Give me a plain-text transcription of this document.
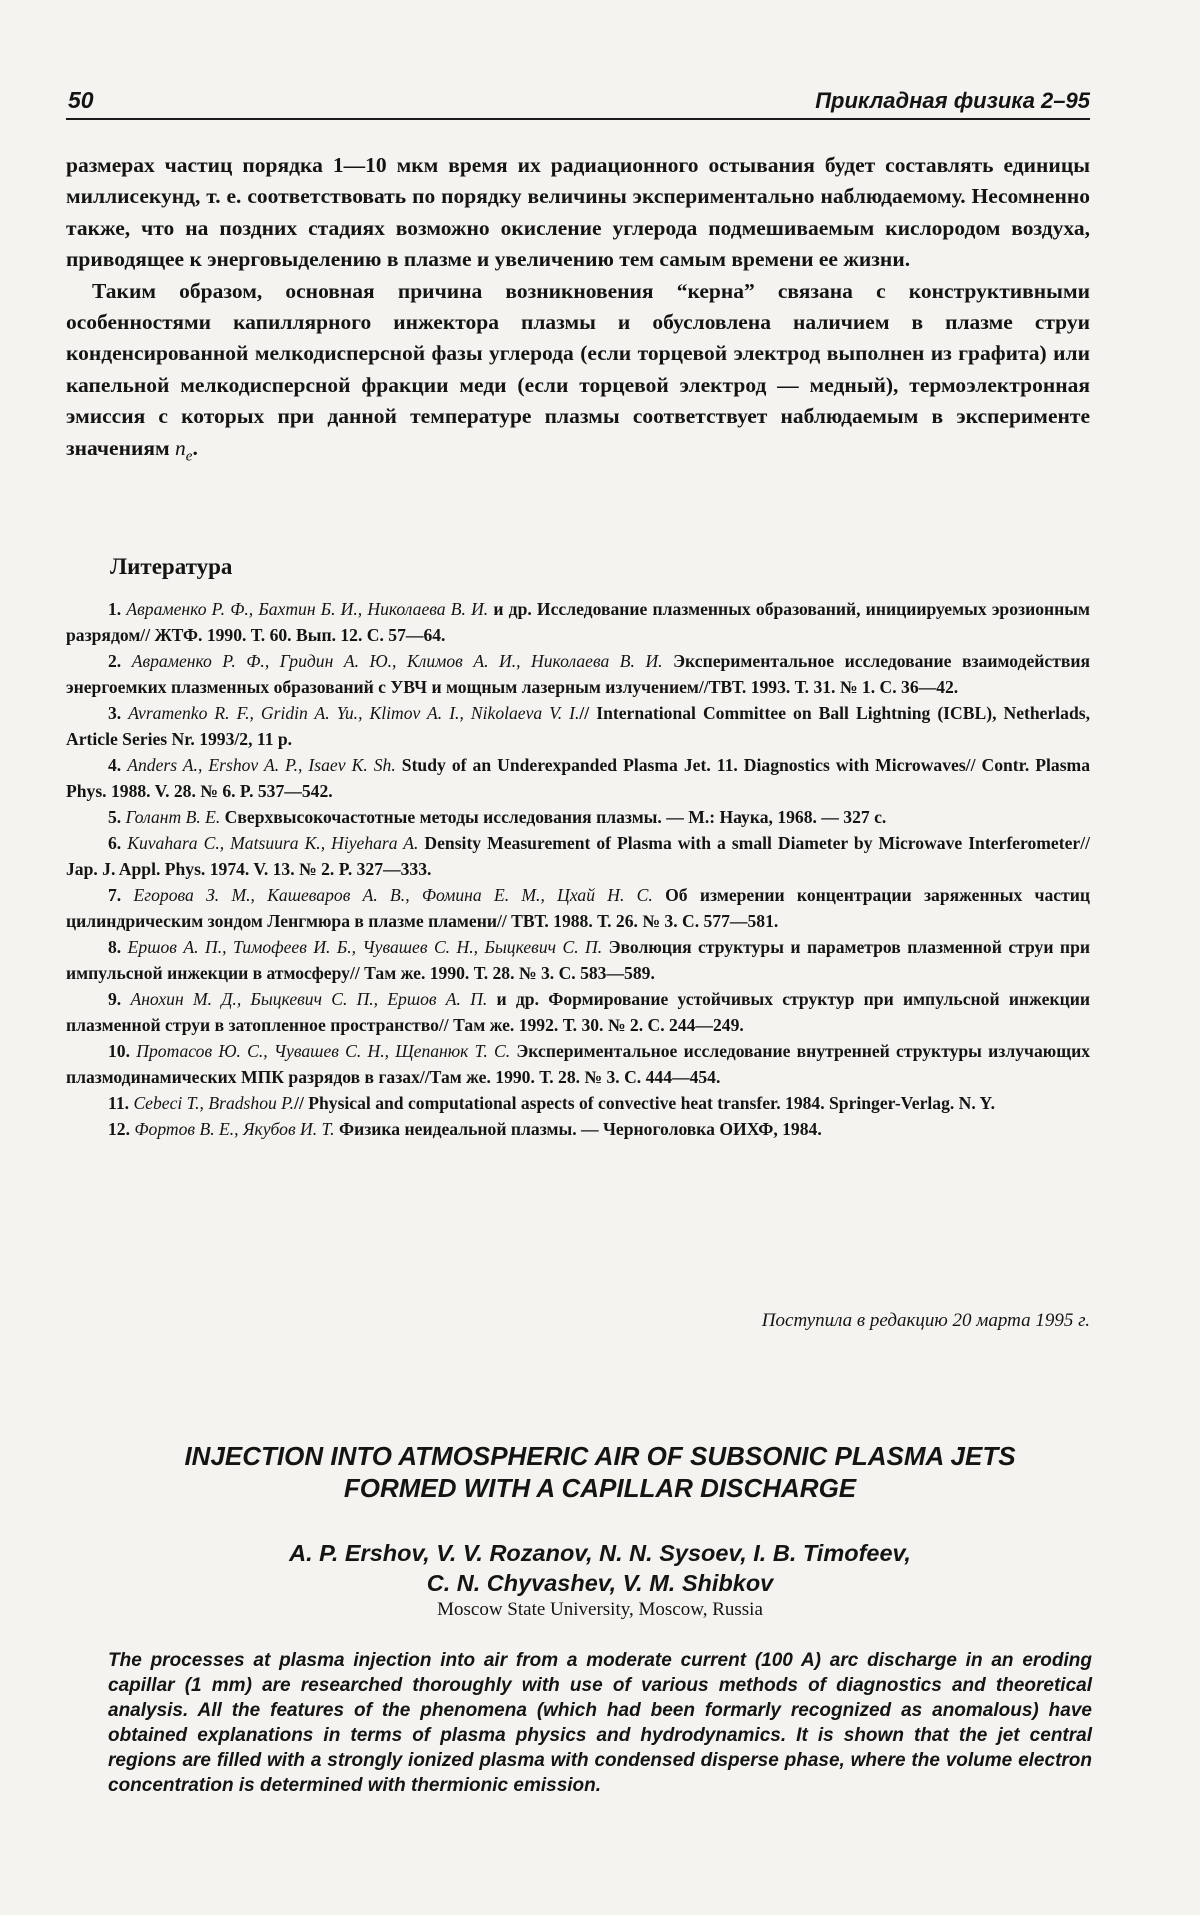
50	Прикладная физика 2–95

размерах частиц порядка 1—10 мкм время их радиационного остывания будет составлять единицы миллисекунд, т. е. соответствовать по порядку величины экспериментально наблюдаемому. Несомненно также, что на поздних стадиях возможно окисление углерода подмешиваемым кислородом воздуха, приводящее к энерговыделению в плазме и увеличению тем самым времени ее жизни.

Таким образом, основная причина возникновения “керна” связана с конструктивными особенностями капиллярного инжектора плазмы и обусловлена наличием в плазме струи конденсированной мелкодисперсной фазы углерода (если торцевой электрод выполнен из графита) или капельной мелкодисперсной фракции меди (если торцевой электрод — медный), термоэлектронная эмиссия с которых при данной температуре плазмы соответствует наблюдаемым в эксперименте значениям $n_e$.

Литература

1. Авраменко Р. Ф., Бахтин Б. И., Николаева В. И. и др. Исследование плазменных образований, инициируемых эрозионным разрядом// ЖТФ. 1990. Т. 60. Вып. 12. С. 57—64.

2. Авраменко Р. Ф., Гридин А. Ю., Климов А. И., Николаева В. И. Экспериментальное исследование взаимодействия энергоемких плазменных образований с УВЧ и мощным лазерным излучением//ТВТ. 1993. Т. 31. № 1. С. 36—42.

3. Avramenko R. F., Gridin A. Yu., Klimov A. I., Nikolaeva V. I.// International Committee on Ball Lightning (ICBL), Netherlads, Article Series Nr. 1993/2, 11 p.

4. Anders A., Ershov A. P., Isaev K. Sh. Study of an Underexpanded Plasma Jet. 11. Diagnostics with Microwaves// Contr. Plasma Phys. 1988. V. 28. № 6. P. 537—542.

5. Голант В. Е. Сверхвысокочастотные методы исследования плазмы. — М.: Наука, 1968. — 327 с.

6. Kuvahara C., Matsuura K., Hiyehara A. Density Measurement of Plasma with a small Diameter by Microwave Interferometer// Jap. J. Appl. Phys. 1974. V. 13. № 2. P. 327—333.

7. Егорова З. М., Кашеваров А. В., Фомина Е. М., Цхай Н. С. Об измерении концентрации заряженных частиц цилиндрическим зондом Ленгмюра в плазме пламени// ТВТ. 1988. Т. 26. № 3. С. 577—581.

8. Ершов А. П., Тимофеев И. Б., Чувашев С. Н., Быцкевич С. П. Эволюция структуры и параметров плазменной струи при импульсной инжекции в атмосферу// Там же. 1990. Т. 28. № 3. С. 583—589.

9. Анохин М. Д., Быцкевич С. П., Ершов А. П. и др. Формирование устойчивых структур при импульсной инжекции плазменной струи в затопленное пространство// Там же. 1992. Т. 30. № 2. С. 244—249.

10. Протасов Ю. С., Чувашев С. Н., Щепанюк Т. С. Экспериментальное исследование внутренней структуры излучающих плазмодинамических МПК разрядов в газах//Там же. 1990. Т. 28. № 3. С. 444—454.

11. Cebeci T., Bradshou P.// Physical and computational aspects of convective heat transfer. 1984. Springer-Verlag. N. Y.

12. Фортов В. Е., Якубов И. Т. Физика неидеальной плазмы. — Черноголовка ОИХФ, 1984.

Поступила в редакцию 20 марта 1995 г.
INJECTION INTO ATMOSPHERIC AIR OF SUBSONIC PLASMA JETS
FORMED WITH A CAPILLAR DISCHARGE
A. P. Ershov, V. V. Rozanov, N. N. Sysoev, I. B. Timofeev,
C. N. Chyvashev, V. M. Shibkov
Moscow State University, Moscow, Russia
The processes at plasma injection into air from a moderate current (100 A) arc discharge in an eroding capillar (1 mm) are researched thoroughly with use of various methods of diagnostics and theoretical analysis. All the features of the phenomena (which had been formarly recognized as anomalous) have obtained explanations in terms of plasma physics and hydrodynamics. It is shown that the jet central regions are filled with a strongly ionized plasma with condensed disperse phase, where the volume electron concentration is determined with thermionic emission.
